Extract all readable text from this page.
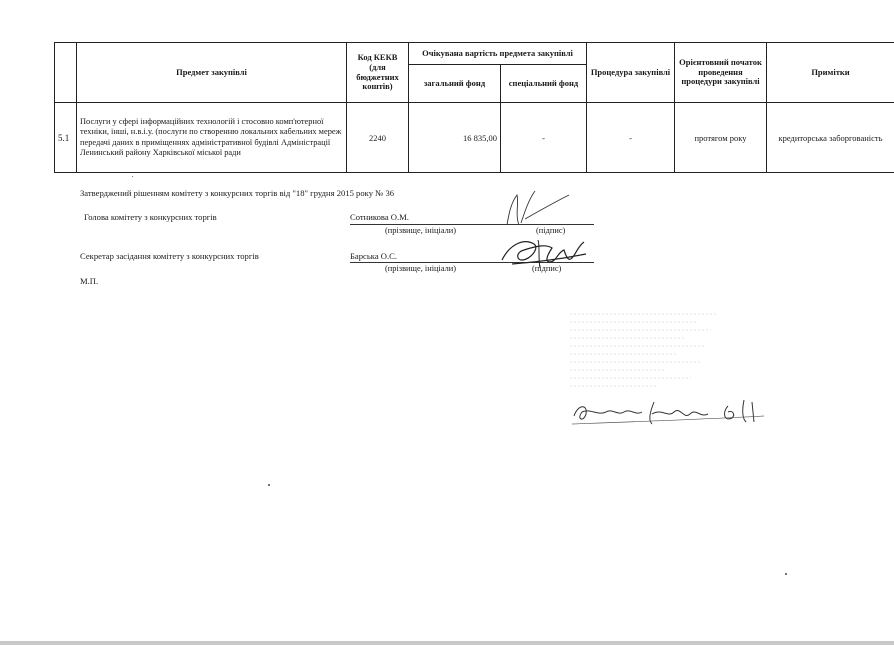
	Предмет закупівлі	Код КЕКВ (для бюджетних коштів)	Очікувана вартість предмета закупівлі		Процедура закупівлі	Орієнтовний початок проведення процедури закупівлі	Примітки
			загальний фонд	спеціальний фонд			
5.1	Послуги у сфері інформаційних технологій і стосовно комп'ютерної техніки, інші, н.в.і.у. (послуги по створенню локальних кабельних мереж передачі даних в приміщеннях адміністративної будівлі Адміністрації Ленинський району Харківської міської ради	2240	16 835,00	-	-	протягом року	кредиторська заборгованість
Затверджений рішенням комітету з конкурсних торгів від "18" грудня 2015 року № 36
Голова комітету з конкурсних торгів	Сотникова О.М.
(прізвище, ініціали)	(підпис)
Секретар засідання комітету з конкурсних торгів	Барська О.С.
(прізвище, ініціали)	(підпис)
М.П.
